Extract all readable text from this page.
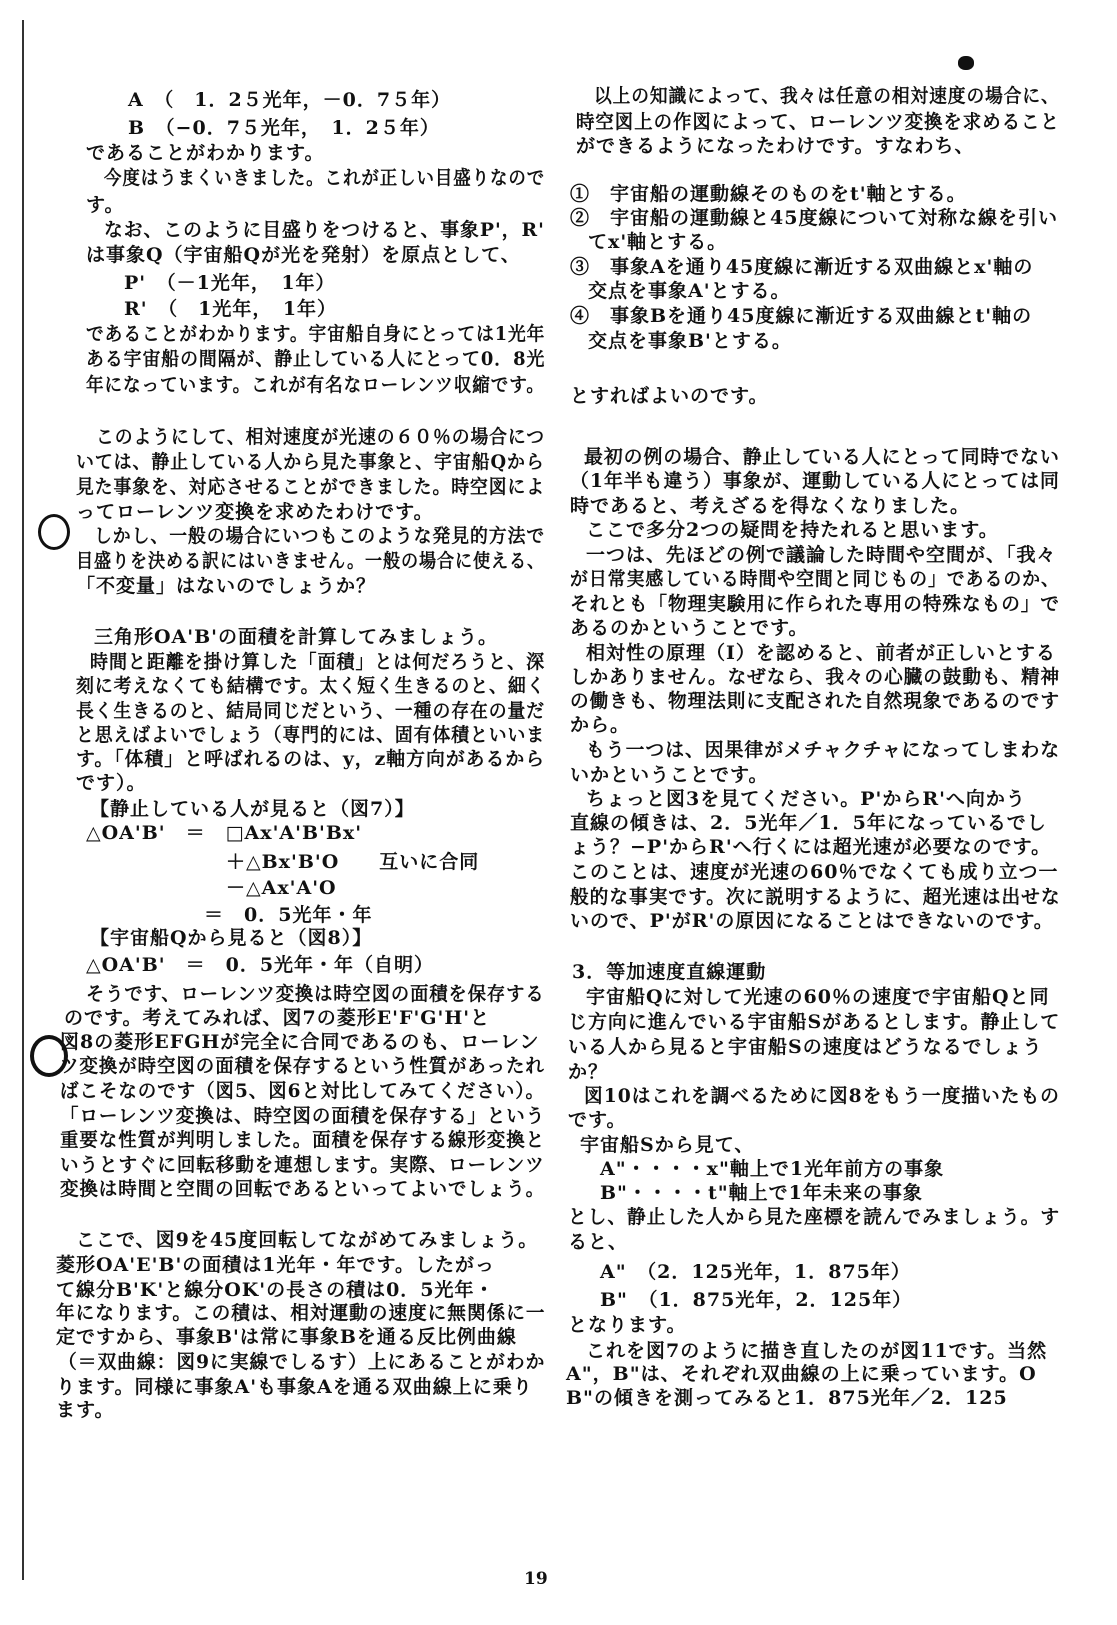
A　（　1．2５光年，－0．7５年）
B　（−0．7５光年，　1．2５年）
であることがわかります。
今度はうまくいきました。これが正しい目盛りなので
す。
なお、このように目盛りをつけると、事象P'，R'
は事象Q（宇宙船Qが光を発射）を原点として、
P'　（－1光年，　1年）
R'　（　1光年，　1年）
であることがわかります。宇宙船自身にとっては1光年
ある宇宙船の間隔が、静止している人にとって0．8光
年になっています。これが有名なローレンツ収縮です。
このようにして、相対速度が光速の６０％の場合につ
いては、静止している人から見た事象と、宇宙船Qから
見た事象を、対応させることができました。時空図によ
ってローレンツ変換を求めたわけです。
しかし、一般の場合にいつもこのような発見的方法で
目盛りを決める訳にはいきません。一般の場合に使える、
「不変量」はないのでしょうか？
三角形OA'B'の面積を計算してみましょう。
時間と距離を掛け算した「面積」とは何だろうと、深
刻に考えなくても結構です。太く短く生きるのと、細く
長く生きるのと、結局同じだという、一種の存在の量だ
と思えばよいでしょう（専門的には、固有体積といいま
す。「体積」と呼ばれるのは、y，z軸方向があるから
です）。
【静止している人が見ると（図7）】
△OA'B'　＝　□Ax'A'B'Bx'
＋△Bx'B'O　　互いに合同
－△Ax'A'O
＝　0．5光年・年
【宇宙船Qから見ると（図8）】
△OA'B'　＝　0．5光年・年（自明）
そうです、ローレンツ変換は時空図の面積を保存する
のです。考えてみれば、図7の菱形E'F'G'H'と
図8の菱形EFGHが完全に合同であるのも、ローレン
ツ変換が時空図の面積を保存するという性質があったれ
ばこそなのです（図5、図6と対比してみてください）。
「ローレンツ変換は、時空図の面積を保存する」という
重要な性質が判明しました。面積を保存する線形変換と
いうとすぐに回転移動を連想します。実際、ローレンツ
変換は時間と空間の回転であるといってよいでしょう。
ここで、図9を45度回転してながめてみましょう。
菱形OA'E'B'の面積は1光年・年です。したがっ
て線分B'K'と線分OK'の長さの積は0．5光年・
年になります。この積は、相対運動の速度に無関係に一
定ですから、事象B'は常に事象Bを通る反比例曲線
（＝双曲線：図9に実線でしるす）上にあることがわか
ります。同様に事象A'も事象Aを通る双曲線上に乗り
ます。
以上の知識によって、我々は任意の相対速度の場合に、
時空図上の作図によって、ローレンツ変換を求めること
ができるようになったわけです。すなわち、
①　宇宙船の運動線そのものをt'軸とする。
②　宇宙船の運動線と45度線について対称な線を引い
てx'軸とする。
③　事象Aを通り45度線に漸近する双曲線とx'軸の
交点を事象A'とする。
④　事象Bを通り45度線に漸近する双曲線とt'軸の
交点を事象B'とする。
とすればよいのです。
最初の例の場合、静止している人にとって同時でない
（1年半も違う）事象が、運動している人にとっては同
時であると、考えざるを得なくなりました。
ここで多分2つの疑問を持たれると思います。
一つは、先ほどの例で議論した時間や空間が、「我々
が日常実感している時間や空間と同じもの」であるのか、
それとも「物理実験用に作られた専用の特殊なもの」で
あるのかということです。
相対性の原理（I）を認めると、前者が正しいとする
しかありません。なぜなら、我々の心臓の鼓動も、精神
の働きも、物理法則に支配された自然現象であるのです
から。
もう一つは、因果律がメチャクチャになってしまわな
いかということです。
ちょっと図3を見てください。P'からR'へ向かう
直線の傾きは、2．5光年／1．5年になっているでし
ょう？−P'からR'へ行くには超光速が必要なのです。
このことは、速度が光速の60％でなくても成り立つ一
般的な事実です。次に説明するように、超光速は出せな
いので、P'がR'の原因になることはできないのです。
3．等加速度直線運動
宇宙船Qに対して光速の60％の速度で宇宙船Qと同
じ方向に進んでいる宇宙船Sがあるとします。静止して
いる人から見ると宇宙船Sの速度はどうなるでしょう
か？
図10はこれを調べるために図8をもう一度描いたもの
です。
宇宙船Sから見て、
A"・・・・x"軸上で1光年前方の事象
B"・・・・t"軸上で1年未来の事象
とし、静止した人から見た座標を読んでみましょう。す
ると、
A"　（2．125光年，1．875年）
B"　（1．875光年，2．125年）
となります。
これを図7のように描き直したのが図11です。当然
A"，B"は、それぞれ双曲線の上に乗っています。O
B"の傾きを測ってみると1．875光年／2．125
19
